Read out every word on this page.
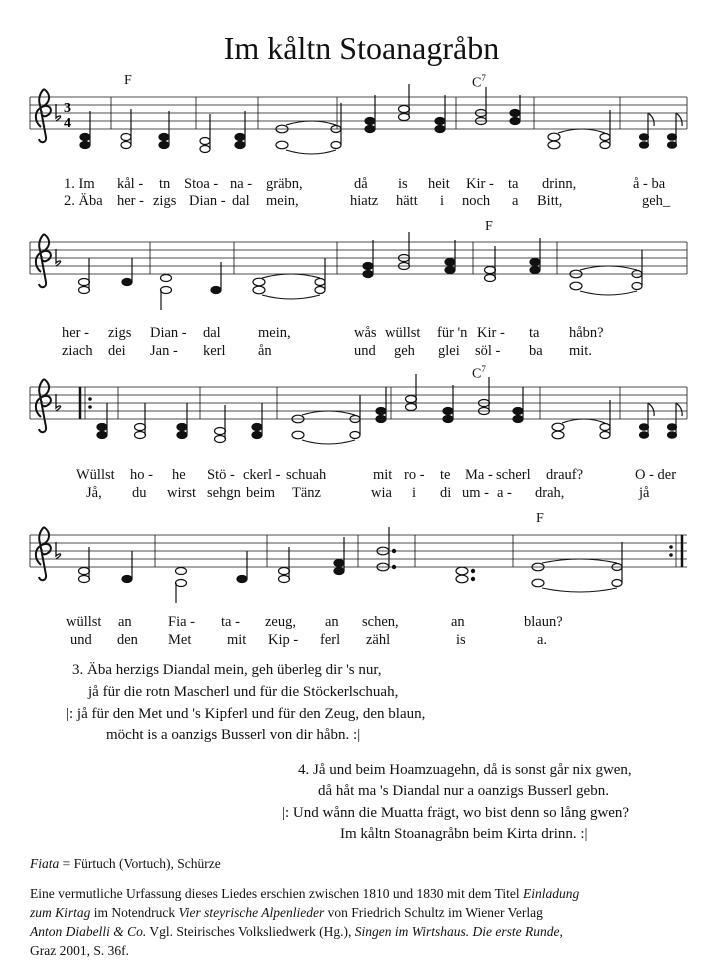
Im kåltn Stoanagråbn
F	$C^7$
F
$C^7$
F
3
4
1. Im kål - tn Stoa - na - gräbn,	då is heit Kir - ta drinn,	å - ba
2. Äba her - zigs Dian - dal mein,	hiatz hätt i noch a Bitt,	geh_
her - zigs Dian - dal	mein,	wås wüllst für 'n Kir - ta håbn?
ziach dei Jan - kerl ån	und geh glei söl - ba mit.
Wüllst ho - he Stö - ckerl - schuah	mit ro - te Ma - scherl drauf?	O - der
Jå, du wirst sehgn beim Tänz	wia i di um - a - drah,	jå
wüllst an	Fia - ta - zeug, an schen,	an	blaun?
und den Met mit Kip - ferl zähl	is	a.
3. Äba herzigs Diandal mein, geh überleg dir 's nur,
jå für die rotn Mascherl und für die Stöckerlschuah,
|: jå für den Met und 's Kipferl und für den Zeug, den blaun,
möcht is a oanzigs Busserl von dir håbn. :|
4. Jå und beim Hoamzuagehn, då is sonst går nix gwen,
då håt ma 's Diandal nur a oanzigs Busserl gebn.
|: Und wånn die Muatta frägt, wo bist denn so lång gwen?
Im kåltn Stoanagråbn beim Kirta drinn. :|
Fiata = Fürtuch (Vortuch), Schürze
Eine vermutliche Urfassung dieses Liedes erschien zwischen 1810 und 1830 mit dem Titel Einladung
zum Kirtag im Notendruck Vier steyrische Alpenlieder von Friedrich Schultz im Wiener Verlag
Anton Diabelli & Co. Vgl. Steirisches Volksliedwerk (Hg.), Singen im Wirtshaus. Die erste Runde,
Graz 2001, S. 36f.
